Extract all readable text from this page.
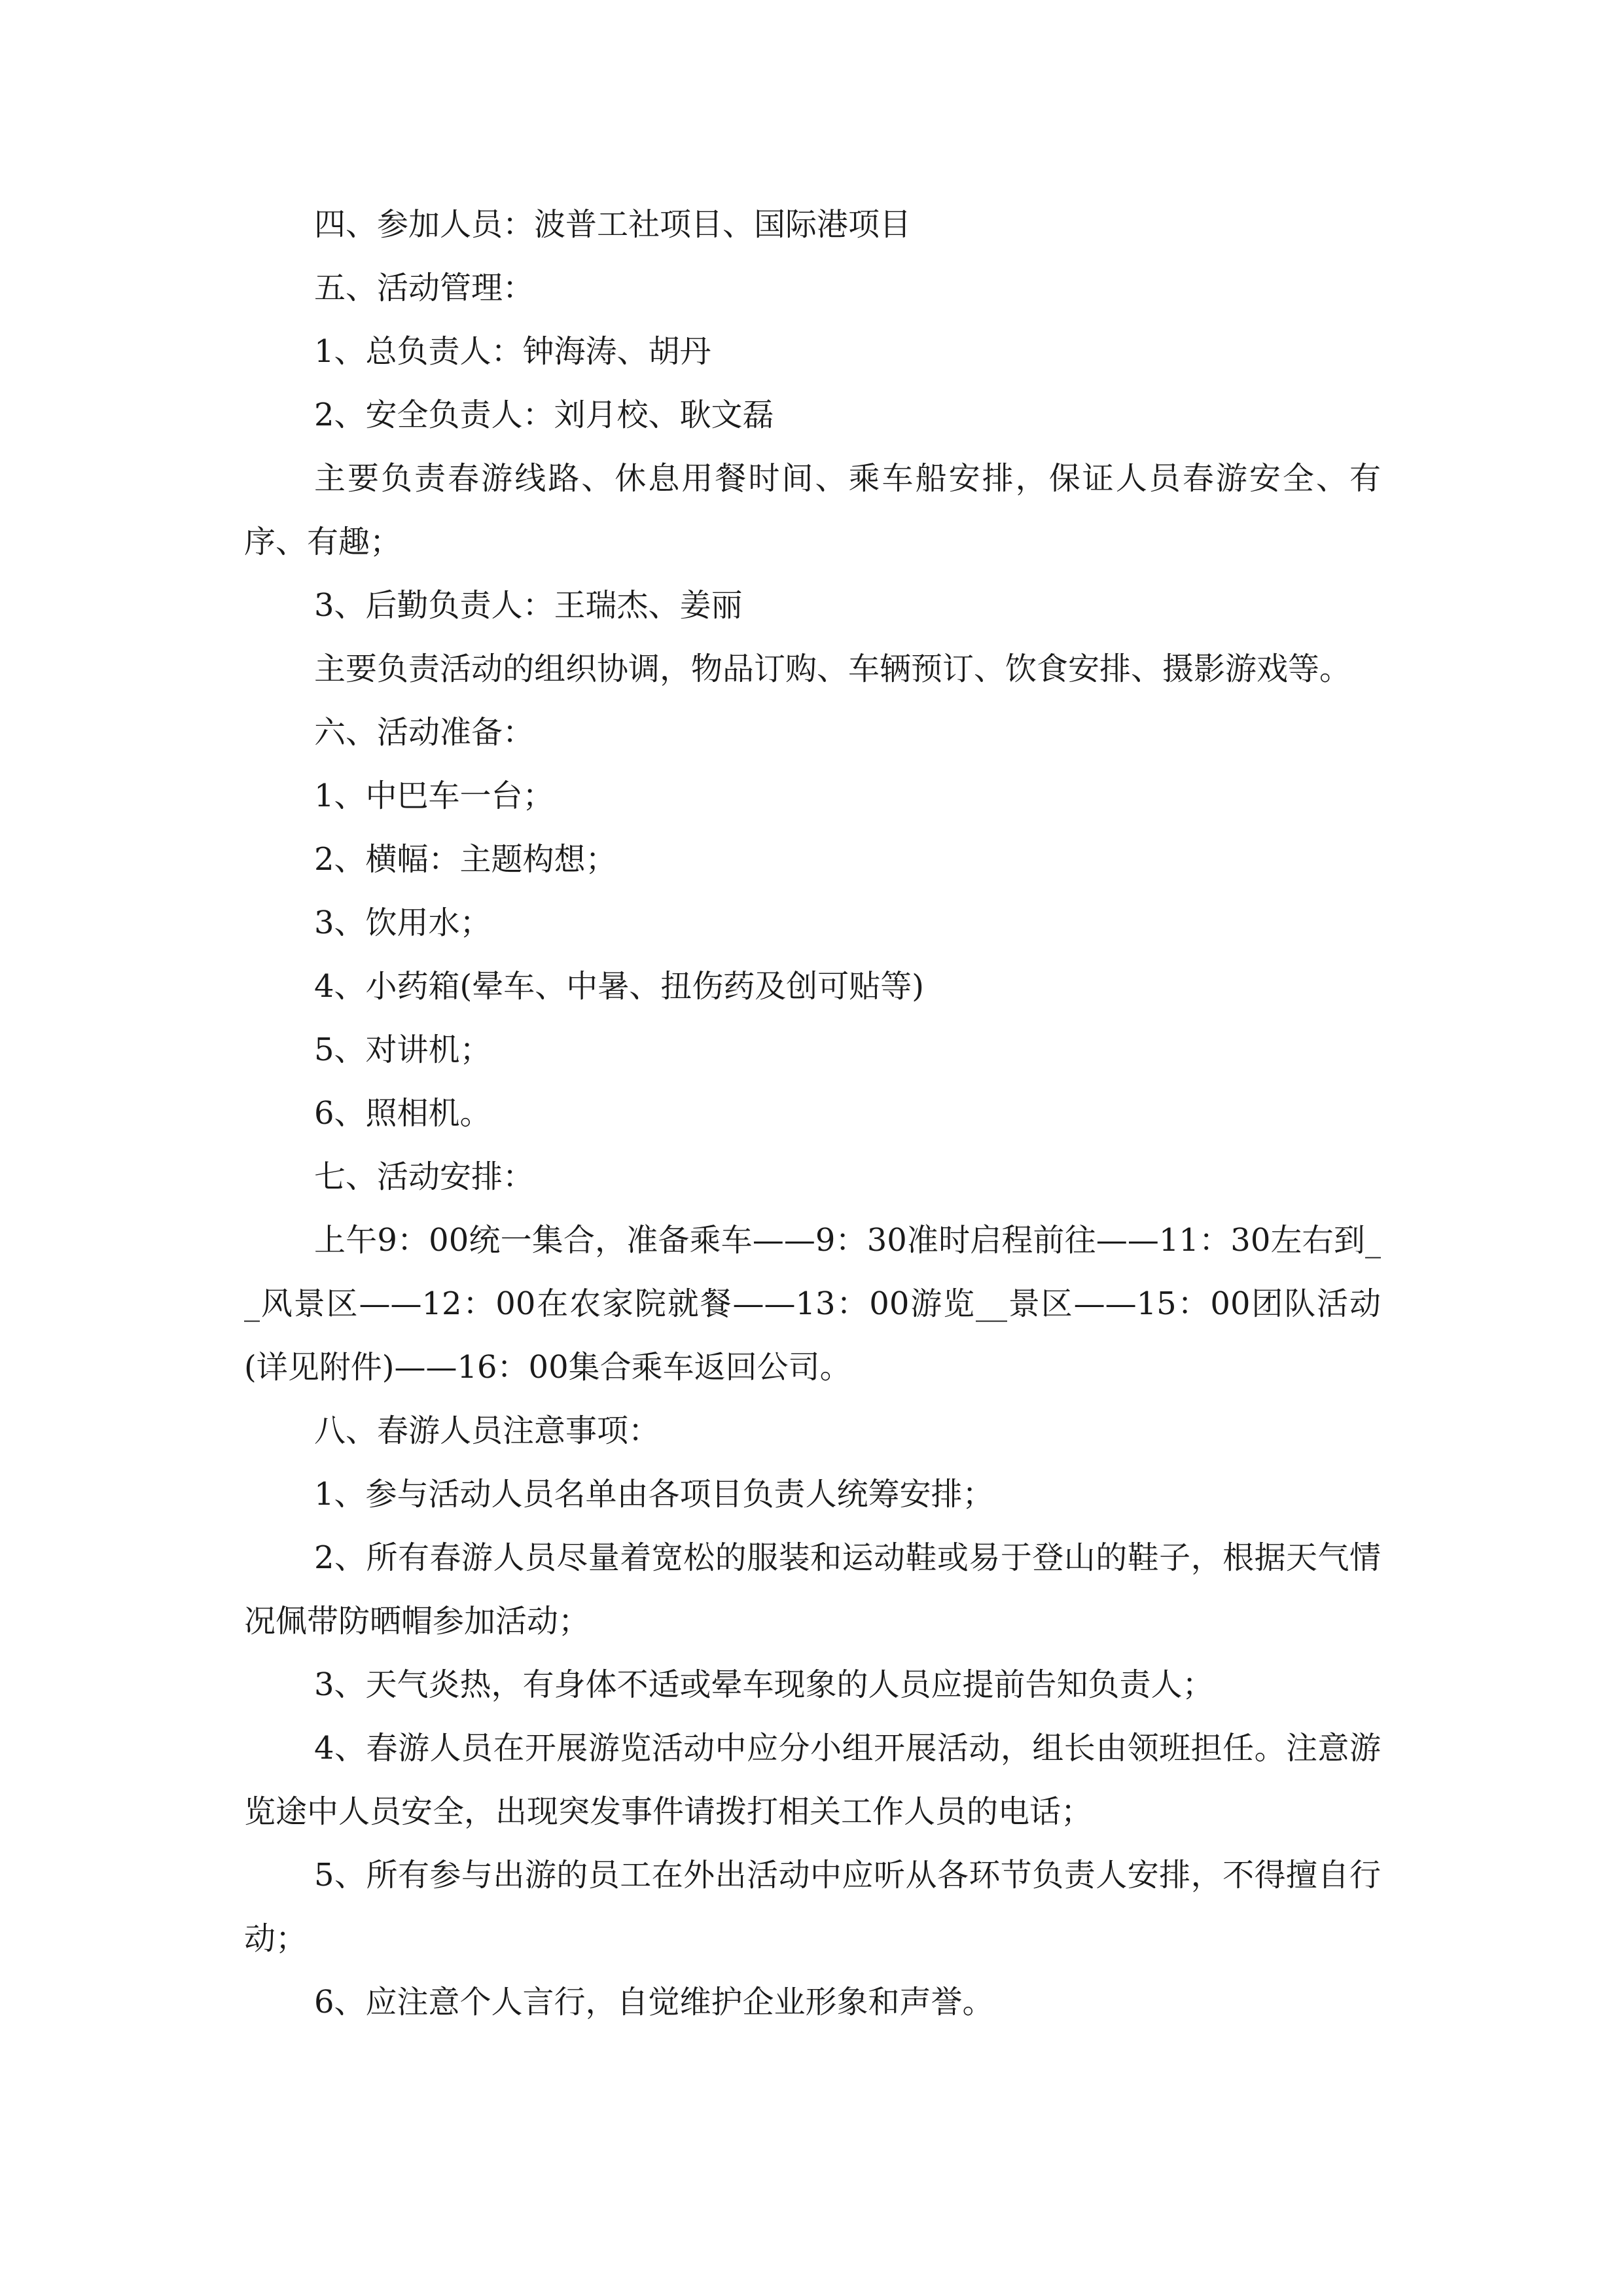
四、参加人员：波普工社项目、国际港项目

五、活动管理：

1、总负责人：钟海涛、胡丹

2、安全负责人：刘月校、耿文磊

主要负责春游线路、休息用餐时间、乘车船安排，保证人员春游安全、有序、有趣；

3、后勤负责人：王瑞杰、姜丽

主要负责活动的组织协调，物品订购、车辆预订、饮食安排、摄影游戏等。

六、活动准备：

1、中巴车一台；

2、横幅：主题构想；

3、饮用水；

4、小药箱(晕车、中暑、扭伤药及创可贴等)

5、对讲机；

6、照相机。

七、活动安排：

上午9：00统一集合，准备乘车——9：30准时启程前往——11：30左右到__风景区——12：00在农家院就餐——13：00游览__景区——15：00团队活动(详见附件)——16：00集合乘车返回公司。

八、春游人员注意事项：

1、参与活动人员名单由各项目负责人统筹安排；

2、所有春游人员尽量着宽松的服装和运动鞋或易于登山的鞋子，根据天气情况佩带防晒帽参加活动；

3、天气炎热，有身体不适或晕车现象的人员应提前告知负责人；

4、春游人员在开展游览活动中应分小组开展活动，组长由领班担任。注意游览途中人员安全，出现突发事件请拨打相关工作人员的电话；

5、所有参与出游的员工在外出活动中应听从各环节负责人安排，不得擅自行动；

6、应注意个人言行，自觉维护企业形象和声誉。
